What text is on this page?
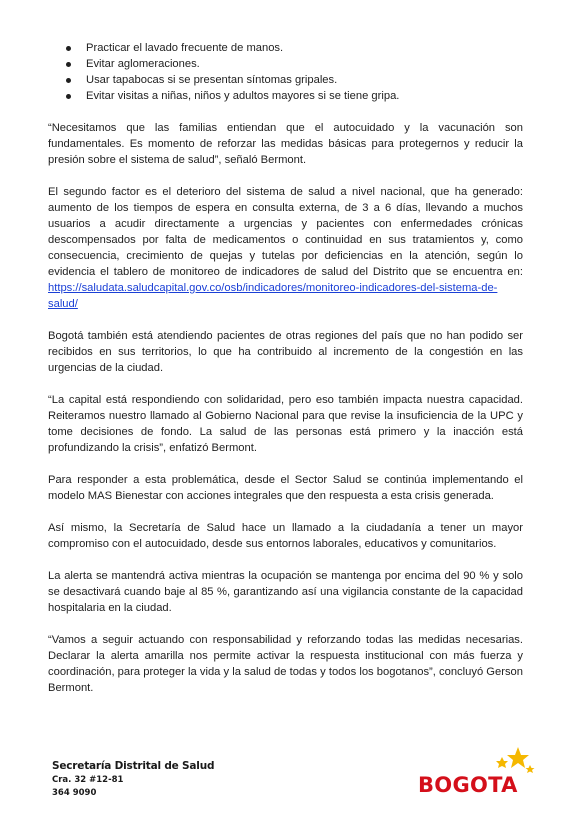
Practicar el lavado frecuente de manos.
Evitar aglomeraciones.
Usar tapabocas si se presentan síntomas gripales.
Evitar visitas a niñas, niños y adultos mayores si se tiene gripa.

“Necesitamos que las familias entiendan que el autocuidado y la vacunación son fundamentales. Es momento de reforzar las medidas básicas para protegernos y reducir la presión sobre el sistema de salud”, señaló Bermont.

El segundo factor es el deterioro del sistema de salud a nivel nacional, que ha generado: aumento de los tiempos de espera en consulta externa, de 3 a 6 días, llevando a muchos usuarios a acudir directamente a urgencias y pacientes con enfermedades crónicas descompensados por falta de medicamentos o continuidad en sus tratamientos y, como consecuencia, crecimiento de quejas y tutelas por deficiencias en la atención, según lo evidencia el tablero de monitoreo de indicadores de salud del Distrito que se encuentra en: https://saludata.saludcapital.gov.co/osb/indicadores/monitoreo-indicadores-del-sistema-de-salud/

Bogotá también está atendiendo pacientes de otras regiones del país que no han podido ser recibidos en sus territorios, lo que ha contribuido al incremento de la congestión en las urgencias de la ciudad.

“La capital está respondiendo con solidaridad, pero eso también impacta nuestra capacidad. Reiteramos nuestro llamado al Gobierno Nacional para que revise la insuficiencia de la UPC y tome decisiones de fondo. La salud de las personas está primero y la inacción está profundizando la crisis”, enfatizó Bermont.

Para responder a esta problemática, desde el Sector Salud se continúa implementando el modelo MAS Bienestar con acciones integrales que den respuesta a esta crisis generada.

Así mismo, la Secretaría de Salud hace un llamado a la ciudadanía a tener un mayor compromiso con el autocuidado, desde sus entornos laborales, educativos y comunitarios.

La alerta se mantendrá activa mientras la ocupación se mantenga por encima del 90 % y solo se desactivará cuando baje al 85 %, garantizando así una vigilancia constante de la capacidad hospitalaria en la ciudad.

“Vamos a seguir actuando con responsabilidad y reforzando todas las medidas necesarias. Declarar la alerta amarilla nos permite activar la respuesta institucional con más fuerza y coordinación, para proteger la vida y la salud de todas y todos los bogotanos”, concluyó Gerson Bermont.

Secretaría Distrital de Salud
Cra. 32 #12-81
364 9090	BOGOTA
